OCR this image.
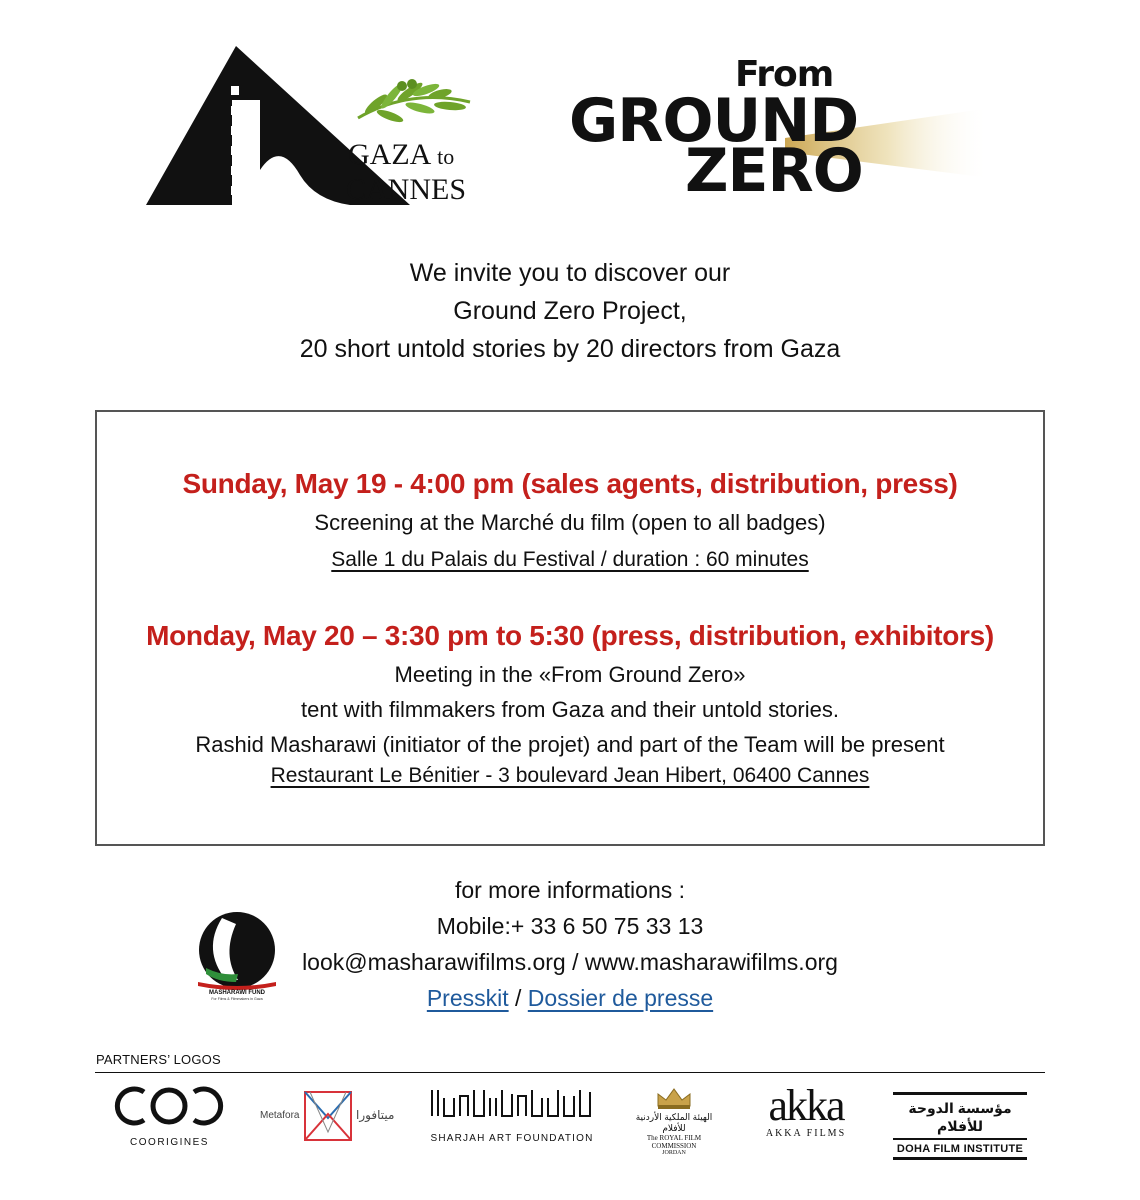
GAZA to
CANNES
From
GROUND
ZERO
We invite you to discover our
Ground Zero Project,
20 short untold stories by 20 directors from Gaza
Sunday, May 19 - 4:00 pm (sales agents, distribution, press)
Screening at the Marché du film (open to all badges)
Salle 1 du Palais du Festival / duration : 60 minutes
Monday, May 20 – 3:30 pm to 5:30 (press, distribution, exhibitors)
Meeting in the «From Ground Zero»
tent with filmmakers from Gaza and their untold stories.
Rashid Masharawi (initiator of the projet) and part of the Team will be present
Restaurant Le Bénitier - 3 boulevard Jean Hibert, 06400 Cannes
MASHARAWI FUND
For Films & Filmmakers in Gaza
for more informations :
Mobile:+ 33 6 50 75 33 13
look@masharawifilms.org / www.masharawifilms.org
Presskit / Dossier de presse
PARTNERS’ LOGOS
COORIGINES
Metafora	ميتافورا
SHARJAH ART FOUNDATION
الهيئة الملكية الأردنية للأفلام
The ROYAL FILM COMMISSION
JORDAN
akka
AKKA FILMS
مؤسسة الدوحة للأفلام
DOHA FILM INSTITUTE
